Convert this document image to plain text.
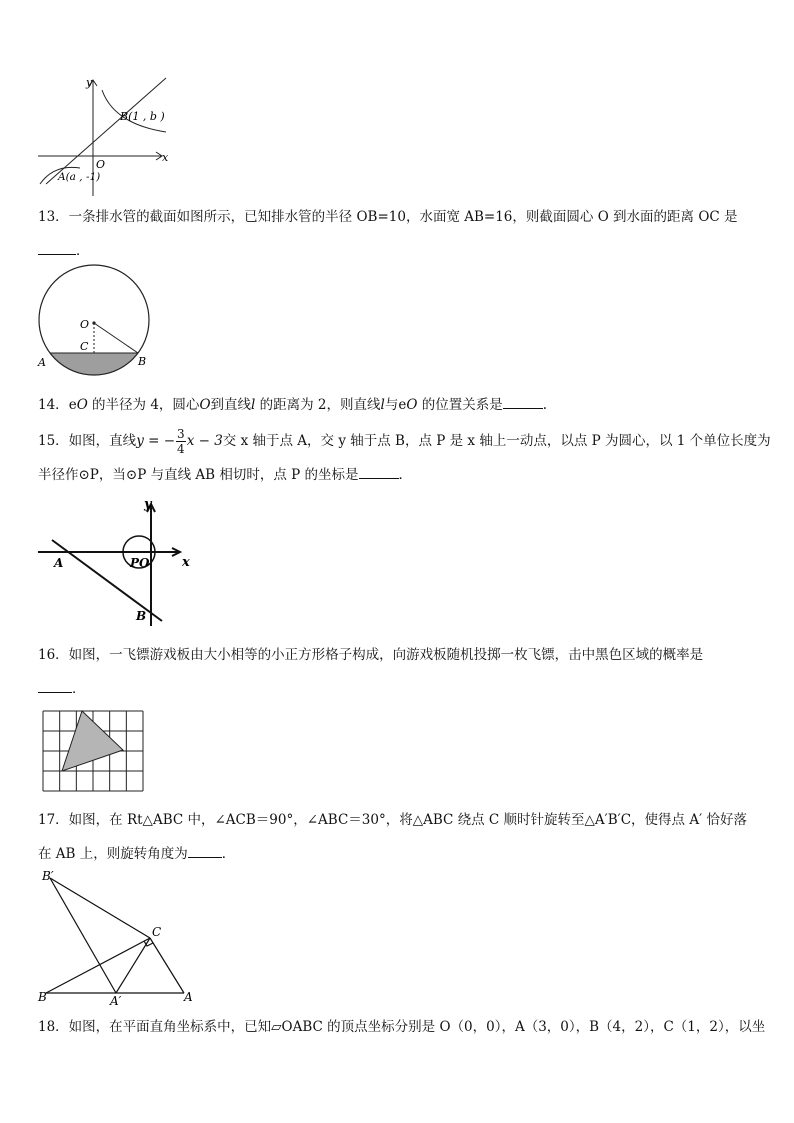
y
x
O
B(1 , b )
A(a , -1)
13．一条排水管的截面如图所示，已知排水管的半径 OB=10，水面宽 AB=16，则截面圆心 O 到水面的距离 OC 是
．
O
C
A	B
14．eO 的半径为 4，圆心O到直线l 的距离为 2，则直线l与eO 的位置关系是	.
15．如图，直线y = − $\frac{3}{4}$ x − 3交 x 轴于点 A，交 y 轴于点 B，点 P 是 x 轴上一动点，以点 P 为圆心，以 1 个单位长度为
半径作⊙P，当⊙P 与直线 AB 相切时，点 P 的坐标是	．
y
x
A	PO
B
16．如图，一飞镖游戏板由大小相等的小正方形格子构成，向游戏板随机投掷一枚飞镖，击中黑色区域的概率是
．
17．如图，在 Rt△ABC 中，∠ACB＝90°，∠ABC＝30°，将△ABC 绕点 C 顺时针旋转至△A′B′C，使得点 A′ 恰好落
在 AB 上，则旋转角度为	．
B′
C
B	A′	A
18．如图，在平面直角坐标系中，已知▱OABC 的顶点坐标分别是 O（0，0），A（3，0），B（4，2），C（1，2），以坐
